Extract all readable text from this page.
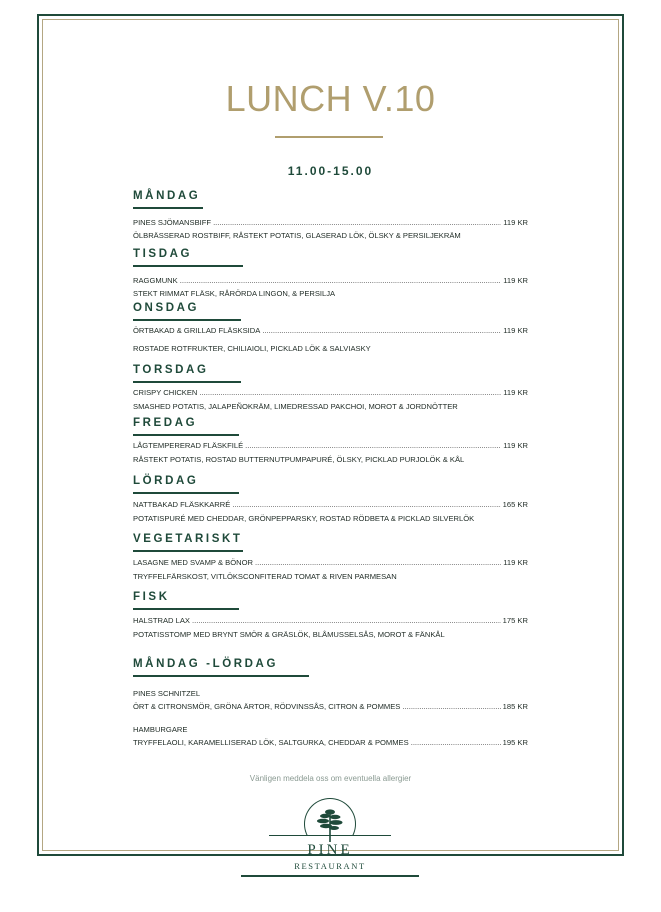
LUNCH V.10
11.00-15.00
MÅNDAG
PINES SJÖMANSBIFF .....	119 KR
ÖLBRÄSSERAD ROSTBIFF, RÅSTEKT POTATIS, GLASERAD LÖK, ÖLSKY & PERSILJEKRÄM
TISDAG
RAGGMUNK .....	119 KR
STEKT RIMMAT FLÄSK, RÅRÖRDA LINGON, & PERSILJA
ONSDAG
ÖRTBAKAD & GRILLAD FLÄSKSIDA .....	119 KR
ROSTADE ROTFRUKTER, CHILIAIOLI, PICKLAD LÖK & SALVIASKY
TORSDAG
CRISPY CHICKEN .....	119 KR
SMASHED POTATIS, JALAPEÑOKRÄM, LIMEDRESSAD PAKCHOI, MOROT & JORDNÖTTER
FREDAG
LÅGTEMPERERAD FLÄSKFILÉ .....	119 KR
RÅSTEKT POTATIS, ROSTAD BUTTERNUTPUMPAPURÉ, ÖLSKY, PICKLAD PURJOLÖK & KÅL
LÖRDAG
NATTBAKAD FLÄSKKARRÉ .....	165 KR
POTATISPURÉ MED CHEDDAR, GRÖNPEPPARSKY, ROSTAD RÖDBETA & PICKLAD SILVERLÖK
VEGETARISKT
LASAGNE MED SVAMP & BÖNOR .....	119 KR
TRYFFELFÄRSKOST, VITLÖKSCONFITERAD TOMAT & RIVEN PARMESAN
FISK
HALSTRAD LAX .....	175 KR
POTATISSTOMP MED BRYNT SMÖR & GRÄSLÖK, BLÅMUSSELSÅS, MOROT & FÄNKÅL
MÅNDAG -LÖRDAG
PINES SCHNITZEL
ÖRT & CITRONSMÖR, GRÖNA ÄRTOR, RÖDVINSSÅS, CITRON & POMMES .....	185 KR
HAMBURGARE
TRYFFELAOLI, KARAMELLISERAD LÖK, SALTGURKA, CHEDDAR & POMMES .....	195 KR
Vänligen meddela oss om eventuella allergier
PINE
RESTAURANT
